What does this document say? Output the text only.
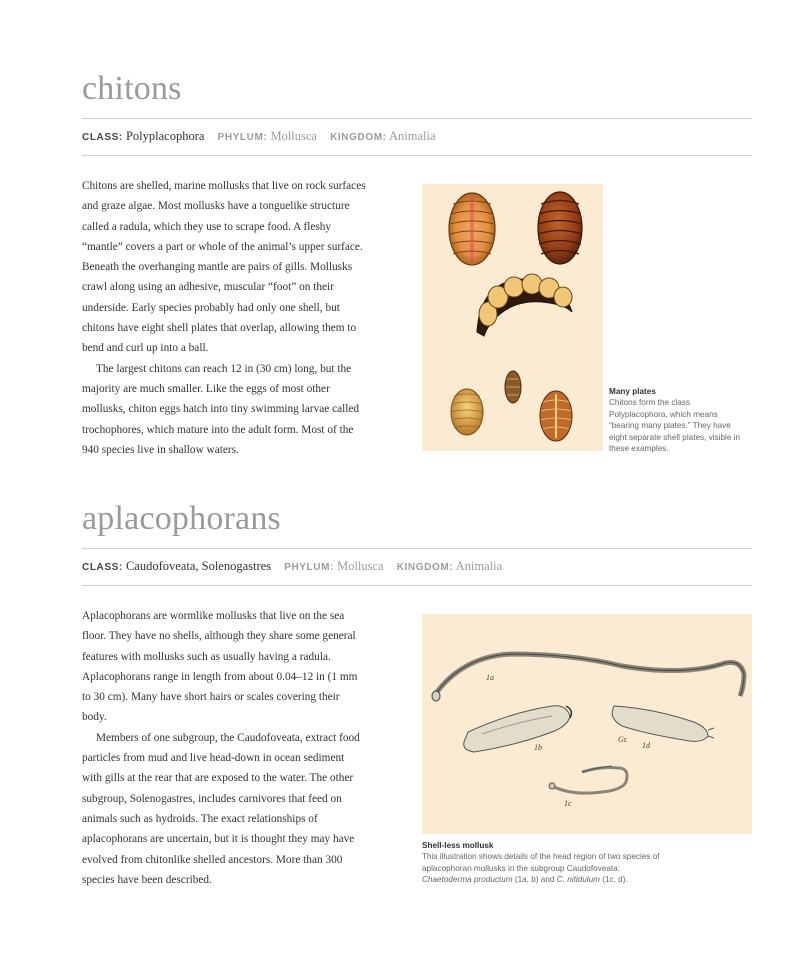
chitons
CLASS: Polyplacophora PHYLUM: Mollusca KINGDOM: Animalia

Chitons are shelled, marine mollusks that live on rock surfaces and graze algae. Most mollusks have a tonguelike structure called a radula, which they use to scrape food. A fleshy “mantle” covers a part or whole of the animal’s upper surface. Beneath the overhanging mantle are pairs of gills. Mollusks crawl along using an adhesive, muscular “foot” on their underside. Early species probably had only one shell, but chitons have eight shell plates that overlap, allowing them to bend and curl up into a ball.

The largest chitons can reach 12 in (30 cm) long, but the majority are much smaller. Like the eggs of most other mollusks, chiton eggs hatch into tiny swimming larvae called trochophores, which mature into the adult form. Most of the 940 species live in shallow waters.

Many plates
Chitons form the class Polyplacophora, which means “bearing many plates.” They have eight separate shell plates, visible in these examples.
aplacophorans
CLASS: Caudofoveata, Solenogastres PHYLUM: Mollusca KINGDOM: Animalia

Aplacophorans are wormlike mollusks that live on the sea floor. They have no shells, although they share some general features with mollusks such as usually having a radula. Aplacophorans range in length from about 0.04–12 in (1 mm to 30 cm). Many have short hairs or scales covering their body.

Members of one subgroup, the Caudofoveata, extract food particles from mud and live head-down in ocean sediment with gills at the rear that are exposed to the water. The other subgroup, Solenogastres, includes carnivores that feed on animals such as hydroids. The exact relationships of aplacophorans are uncertain, but it is thought they may have evolved from chitonlike shelled ancestors. More than 300 species have been described.

1a
1b
Gr.
1d
1c
Shell-less mollusk
This illustration shows details of the head region of two species of aplacophoran mollusks in the subgroup Caudofoveata: Chaetoderma productum (1a, b) and C. nitidulum (1c, d).
